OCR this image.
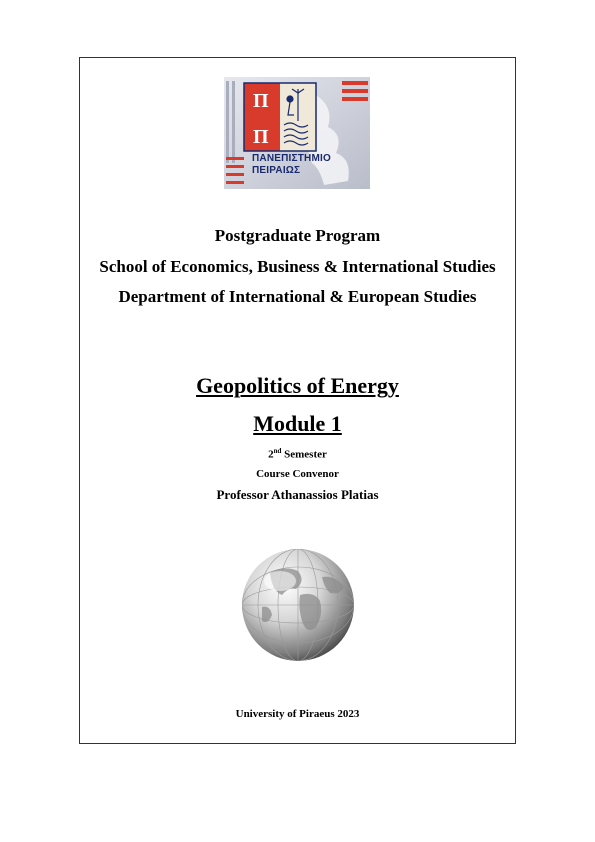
Π
Π
ΠΑΝΕΠΙΣΤΗΜΙΟ
ΠΕΙΡΑΙΩΣ
Postgraduate Program
School of Economics, Business & International Studies
Department of International & European Studies
Geopolitics of Energy
Module 1
2nd Semester
Course Convenor
Professor Athanassios Platias
University of Piraeus 2023
